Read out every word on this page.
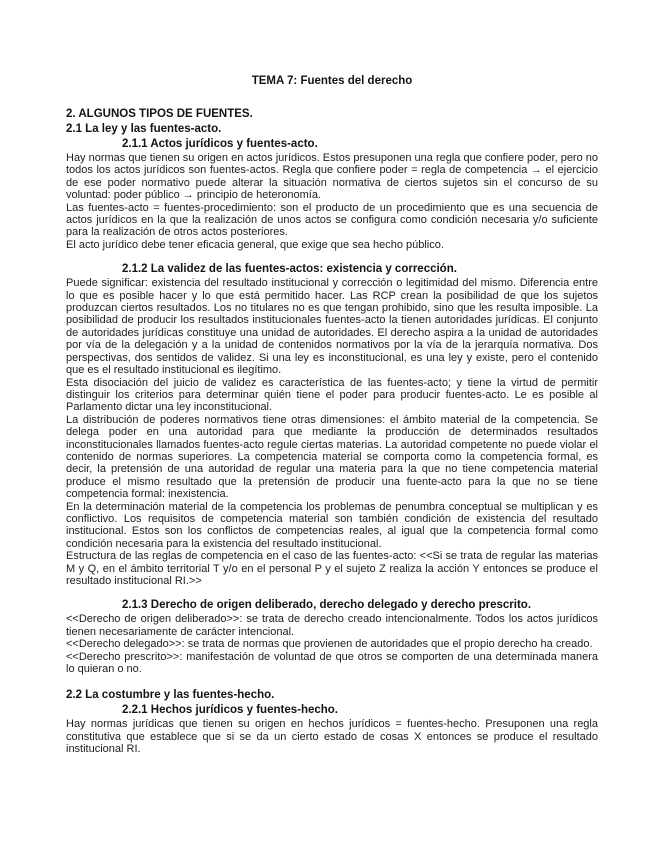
TEMA 7: Fuentes del derecho
2. ALGUNOS TIPOS DE FUENTES.
2.1 La ley y las fuentes-acto.
2.1.1 Actos jurídicos y fuentes-acto.

Hay normas que tienen su origen en actos jurídicos. Estos presuponen una regla que confiere poder, pero no todos los actos jurídicos son fuentes-actos. Regla que confiere poder = regla de competencia → el ejercicio de ese poder normativo puede alterar la situación normativa de ciertos sujetos sin el concurso de su voluntad: poder público → principio de heteronomía.

Las fuentes-acto = fuentes-procedimiento: son el producto de un procedimiento que es una secuencia de actos jurídicos en la que la realización de unos actos se configura como condición necesaria y/o suficiente para la realización de otros actos posteriores.

El acto jurídico debe tener eficacia general, que exige que sea hecho público.

2.1.2 La validez de las fuentes-actos: existencia y corrección.

Puede significar: existencia del resultado institucional y corrección o legitimidad del mismo. Diferencia entre lo que es posible hacer y lo que está permitido hacer. Las RCP crean la posibilidad de que los sujetos produzcan ciertos resultados. Los no titulares no es que tengan prohibido, sino que les resulta imposible. La posibilidad de producir los resultados institucionales fuentes-acto la tienen autoridades jurídicas. El conjunto de autoridades jurídicas constituye una unidad de autoridades. El derecho aspira a la unidad de autoridades por vía de la delegación y a la unidad de contenidos normativos por la vía de la jerarquía normativa. Dos perspectivas, dos sentidos de validez. Si una ley es inconstitucional, es una ley y existe, pero el contenido que es el resultado institucional es ilegítimo.

Esta disociación del juicio de validez es característica de las fuentes-acto; y tiene la virtud de permitir distinguir los criterios para determinar quién tiene el poder para producir fuentes-acto. Le es posible al Parlamento dictar una ley inconstitucional.

La distribución de poderes normativos tiene otras dimensiones: el ámbito material de la competencia. Se delega poder en una autoridad para que mediante la producción de determinados resultados inconstitucionales llamados fuentes-acto regule ciertas materias. La autoridad competente no puede violar el contenido de normas superiores. La competencia material se comporta como la competencia formal, es decir, la pretensión de una autoridad de regular una materia para la que no tiene competencia material produce el mismo resultado que la pretensión de producir una fuente-acto para la que no se tiene competencia formal: inexistencia.

En la determinación material de la competencia los problemas de penumbra conceptual se multiplican y es conflictivo. Los requisitos de competencia material son también condición de existencia del resultado institucional. Estos son los conflictos de competencias reales, al igual que la competencia formal como condición necesaria para la existencia del resultado institucional.

Estructura de las reglas de competencia en el caso de las fuentes-acto: <<Si se trata de regular las materias M y Q, en el ámbito territorial T y/o en el personal P y el sujeto Z realiza la acción Y entonces se produce el resultado institucional RI.>>

2.1.3 Derecho de origen deliberado, derecho delegado y derecho prescrito.

<<Derecho de origen deliberado>>: se trata de derecho creado intencionalmente. Todos los actos jurídicos tienen necesariamente de carácter intencional.

<<Derecho delegado>>: se trata de normas que provienen de autoridades que el propio derecho ha creado.

<<Derecho prescrito>>: manifestación de voluntad de que otros se comporten de una determinada manera lo quieran o no.

2.2 La costumbre y las fuentes-hecho.
2.2.1 Hechos jurídicos y fuentes-hecho.

Hay normas jurídicas que tienen su origen en hechos jurídicos = fuentes-hecho. Presuponen una regla constitutiva que establece que si se da un cierto estado de cosas X entonces se produce el resultado institucional RI.
